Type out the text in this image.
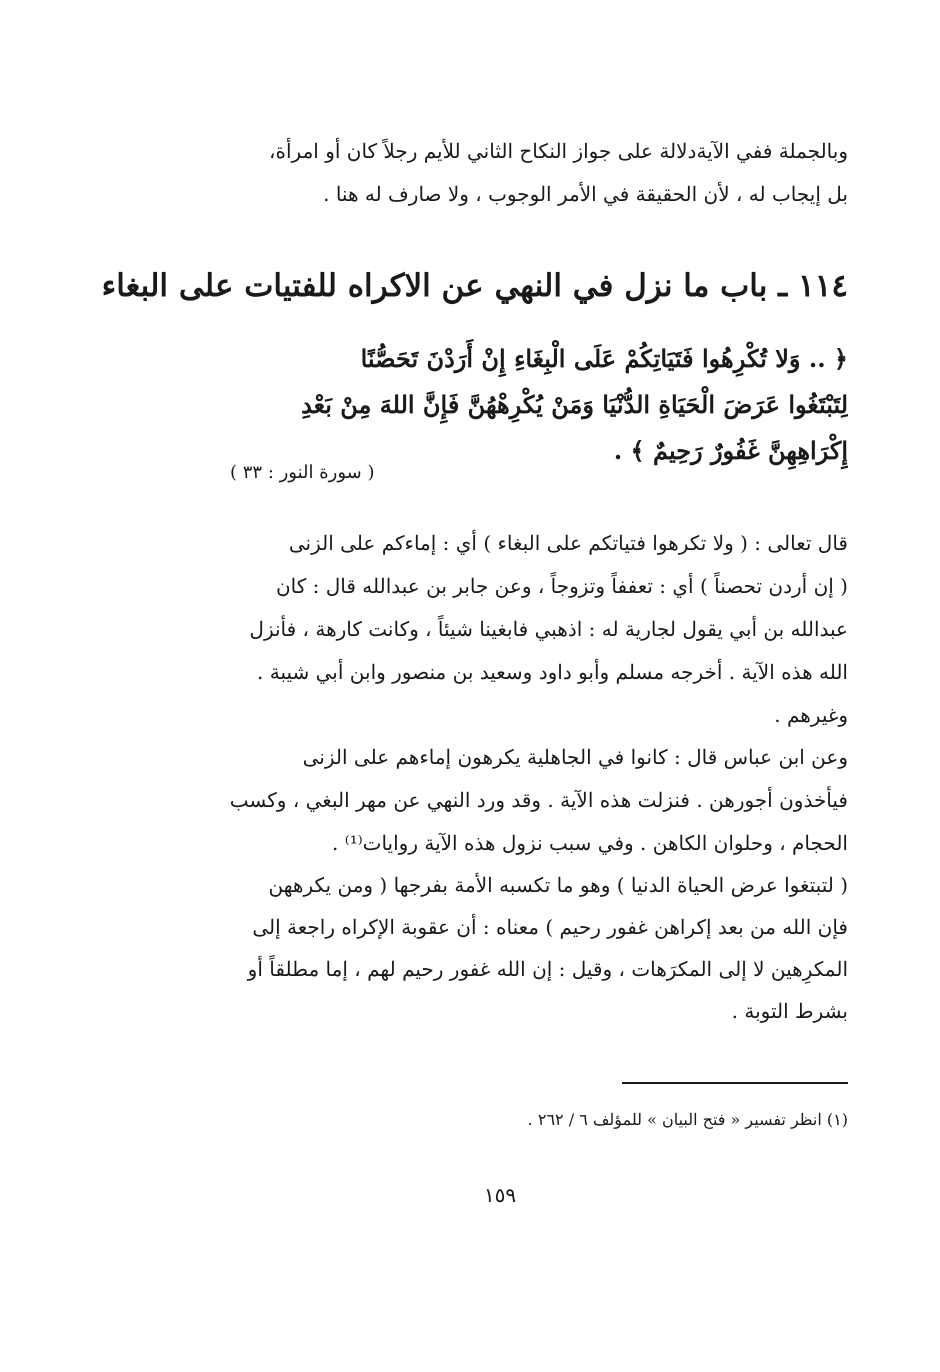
وبالجملة ففي الآيةدلالة على جواز النكاح الثاني للأيم رجلاً كان أو امرأة،
بل إيجاب له ، لأن الحقيقة في الأمر الوجوب ، ولا صارف له هنا .
١١٤ ـ باب ما نزل في النهي عن الاكراه للفتيات على البغاء
﴿ .. وَلا تُكْرِهُوا فَتَيَاتِكُمْ عَلَى الْبِغَاءِ إِنْ أَرَدْنَ تَحَصُّنًا
لِتَبْتَغُوا عَرَضَ الْحَيَاةِ الدُّنْيَا وَمَنْ يُكْرِهْهُنَّ فَإِنَّ اللهَ مِنْ بَعْدِ
إِكْرَاهِهِنَّ غَفُورٌ رَحِيمٌ ﴾ .
( سورة النور : ٣٣ )
قال تعالى : ( ولا تكرهوا فتياتكم على البغاء ) أي : إماءكم على الزنى
( إن أردن تحصناً ) أي : تعففاً وتزوجاً ، وعن جابر بن عبدالله قال : كان
عبدالله بن أبي يقول لجارية له : اذهبي فابغينا شيئاً ، وكانت كارهة ، فأنزل
الله هذه الآية . أخرجه مسلم وأبو داود وسعيد بن منصور وابن أبي شيبة .
وغيرهم .
وعن ابن عباس قال : كانوا في الجاهلية يكرهون إماءهم على الزنى
فيأخذون أجورهن . فنزلت هذه الآية . وقد ورد النهي عن مهر البغي ، وكسب
الحجام ، وحلوان الكاهن . وفي سبب نزول هذه الآية روايات⁽¹⁾ .
( لتبتغوا عرض الحياة الدنيا ) وهو ما تكسبه الأمة بفرجها ( ومن يكرههن
فإن الله من بعد إكراهن غفور رحيم ) معناه : أن عقوبة الإكراه راجعة إلى
المكرِهين لا إلى المكرَهات ، وقيل : إن الله غفور رحيم لهم ، إما مطلقاً أو
بشرط التوبة .
(١) انظر تفسير « فتح البيان » للمؤلف ٦ / ٢٦٢ .
١٥٩
